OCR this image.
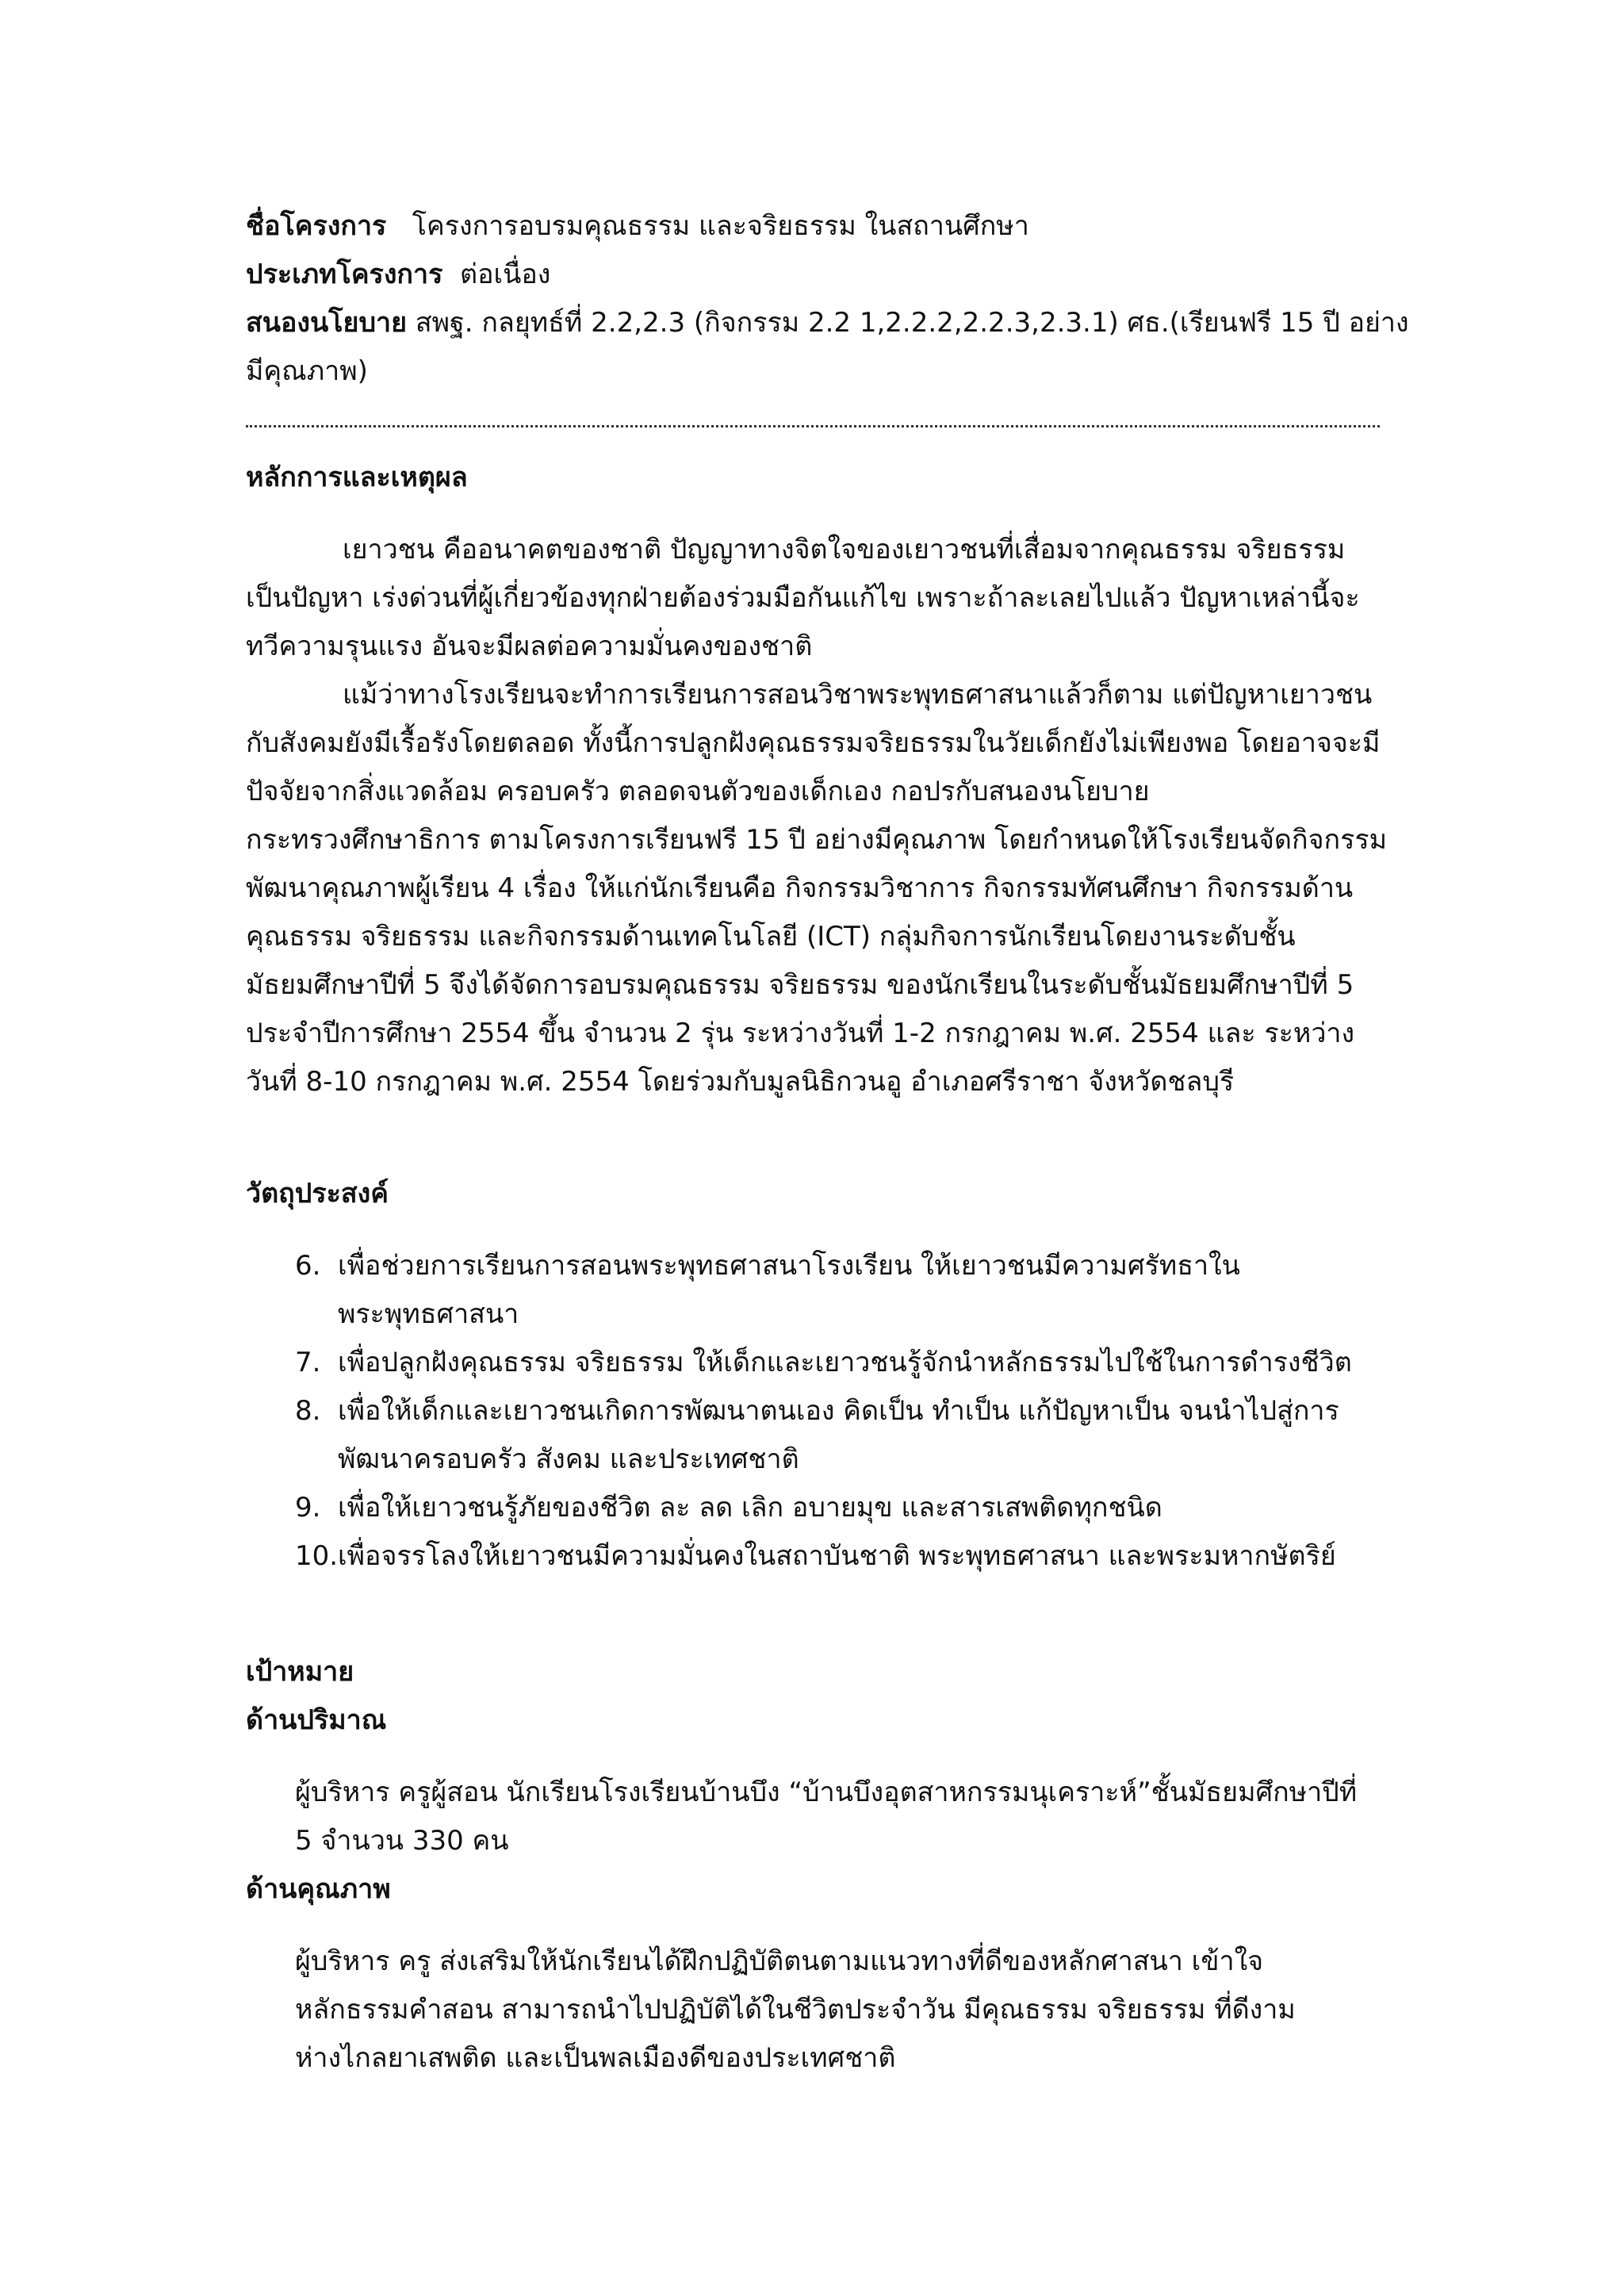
ชื่อโครงการ โครงการอบรมคุณธรรม และจริยธรรม ในสถานศึกษา

ประเภทโครงการ ต่อเนื่อง

สนองนโยบาย สพฐ. กลยุทธ์ที่ 2.2,2.3 (กิจกรรม 2.2 1,2.2.2,2.2.3,2.3.1) ศธ.(เรียนฟรี 15 ปี อย่าง

มีคุณภาพ)

หลักการและเหตุผล

เยาวชน คืออนาคตของชาติ ปัญญาทางจิตใจของเยาวชนที่เสื่อมจากคุณธรรม จริยธรรม

เป็นปัญหา เร่งด่วนที่ผู้เกี่ยวข้องทุกฝ่ายต้องร่วมมือกันแก้ไข เพราะถ้าละเลยไปแล้ว ปัญหาเหล่านี้จะ

ทวีความรุนแรง อันจะมีผลต่อความมั่นคงของชาติ

แม้ว่าทางโรงเรียนจะทำการเรียนการสอนวิชาพระพุทธศาสนาแล้วก็ตาม แต่ปัญหาเยาวชน

กับสังคมยังมีเรื้อรังโดยตลอด ทั้งนี้การปลูกฝังคุณธรรมจริยธรรมในวัยเด็กยังไม่เพียงพอ โดยอาจจะมี

ปัจจัยจากสิ่งแวดล้อม ครอบครัว ตลอดจนตัวของเด็กเอง กอปรกับสนองนโยบาย

กระทรวงศึกษาธิการ ตามโครงการเรียนฟรี 15 ปี อย่างมีคุณภาพ โดยกำหนดให้โรงเรียนจัดกิจกรรม

พัฒนาคุณภาพผู้เรียน 4 เรื่อง ให้แก่นักเรียนคือ กิจกรรมวิชาการ กิจกรรมทัศนศึกษา กิจกรรมด้าน

คุณธรรม จริยธรรม และกิจกรรมด้านเทคโนโลยี (ICT) กลุ่มกิจการนักเรียนโดยงานระดับชั้น

มัธยมศึกษาปีที่ 5 จึงได้จัดการอบรมคุณธรรม จริยธรรม ของนักเรียนในระดับชั้นมัธยมศึกษาปีที่ 5

ประจำปีการศึกษา 2554 ขึ้น จำนวน 2 รุ่น ระหว่างวันที่ 1-2 กรกฎาคม พ.ศ. 2554 และ ระหว่าง

วันที่ 8-10 กรกฎาคม พ.ศ. 2554 โดยร่วมกับมูลนิธิกวนอู อำเภอศรีราชา จังหวัดชลบุรี

วัตถุประสงค์

6. เพื่อช่วยการเรียนการสอนพระพุทธศาสนาโรงเรียน ให้เยาวชนมีความศรัทธาใน

พระพุทธศาสนา

7. เพื่อปลูกฝังคุณธรรม จริยธรรม ให้เด็กและเยาวชนรู้จักนำหลักธรรมไปใช้ในการดำรงชีวิต

8. เพื่อให้เด็กและเยาวชนเกิดการพัฒนาตนเอง คิดเป็น ทำเป็น แก้ปัญหาเป็น จนนำไปสู่การ

พัฒนาครอบครัว สังคม และประเทศชาติ

9. เพื่อให้เยาวชนรู้ภัยของชีวิต ละ ลด เลิก อบายมุข และสารเสพติดทุกชนิด

10.เพื่อจรรโลงให้เยาวชนมีความมั่นคงในสถาบันชาติ พระพุทธศาสนา และพระมหากษัตริย์

เป้าหมาย

ด้านปริมาณ

ผู้บริหาร ครูผู้สอน นักเรียนโรงเรียนบ้านบึง “บ้านบึงอุตสาหกรรมนุเคราะห์”ชั้นมัธยมศึกษาปีที่

5 จำนวน 330 คน

ด้านคุณภาพ

ผู้บริหาร ครู ส่งเสริมให้นักเรียนได้ฝึกปฏิบัติตนตามแนวทางที่ดีของหลักศาสนา เข้าใจ

หลักธรรมคำสอน สามารถนำไปปฏิบัติได้ในชีวิตประจำวัน มีคุณธรรม จริยธรรม ที่ดีงาม

ห่างไกลยาเสพติด และเป็นพลเมืองดีของประเทศชาติ
